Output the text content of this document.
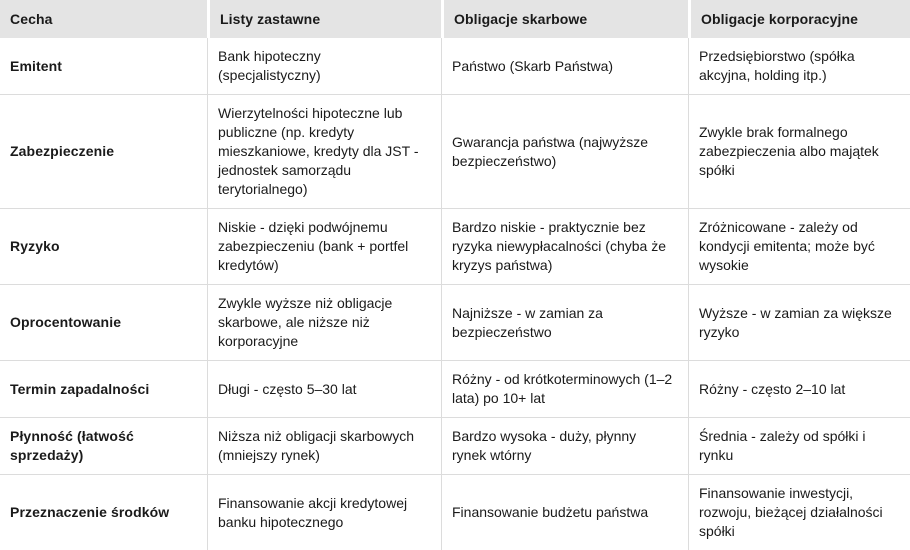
Cecha	Listy zastawne	Obligacje skarbowe	Obligacje korporacyjne
Emitent	Bank hipoteczny (specjalistyczny)	Państwo (Skarb Państwa)	Przedsiębiorstwo (spółka akcyjna, holding itp.)
Zabezpieczenie	Wierzytelności hipoteczne lub publiczne (np. kredyty mieszkaniowe, kredyty dla JST - jednostek samorządu terytorialnego)	Gwarancja państwa (najwyższe bezpieczeństwo)	Zwykle brak formalnego zabezpieczenia albo majątek spółki
Ryzyko	Niskie - dzięki podwójnemu zabezpieczeniu (bank + portfel kredytów)	Bardzo niskie - praktycznie bez ryzyka niewypłacalności (chyba że kryzys państwa)	Zróżnicowane - zależy od kondycji emitenta; może być wysokie
Oprocentowanie	Zwykle wyższe niż obligacje skarbowe, ale niższe niż korporacyjne	Najniższe - w zamian za bezpieczeństwo	Wyższe - w zamian za większe ryzyko
Termin zapadalności	Długi - często 5–30 lat	Różny - od krótkoterminowych (1–2 lata) po 10+ lat	Różny - często 2–10 lat
Płynność (łatwość sprzedaży)	Niższa niż obligacji skarbowych (mniejszy rynek)	Bardzo wysoka - duży, płynny rynek wtórny	Średnia - zależy od spółki i rynku
Przeznaczenie środków	Finansowanie akcji kredytowej banku hipotecznego	Finansowanie budżetu państwa	Finansowanie inwestycji, rozwoju, bieżącej działalności spółki
